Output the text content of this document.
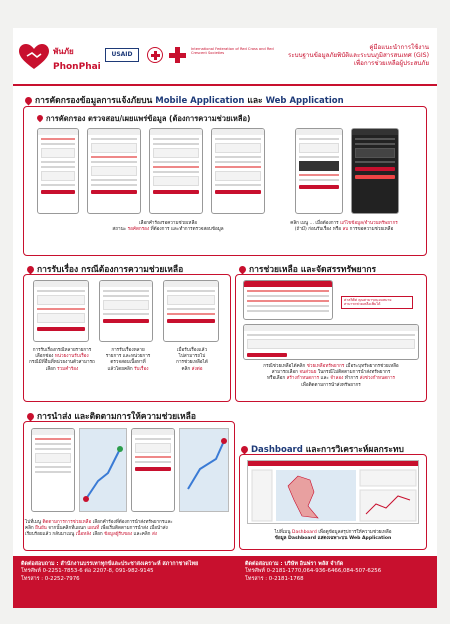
พันภัย
PhonPhai
USAID
International Federation of Red Cross and Red Crescent Societies
คู่มือแนะนำการใช้งาน
ระบบฐานข้อมูลภัยพิบัติและระบบภูมิสารสนเทศ (GIS)
เพื่อการช่วยเหลือผู้ประสบภัย
การคัดกรองข้อมูลการแจ้งภัยบน Mobile Application และ Web Application
การคัดกรอง ตรวจสอบ/เผยแพร่ข้อมูล (ต้องการความช่วยเหลือ)
เลือกคำร้องรอความช่วยเหลือ
สถานะ รอคัดกรอง ที่ต้องการ และทำการตรวจสอบข้อมูล
คลิก เมนู ... เมื่อต้องการ แก้ไขข้อมูล/จำนวนทรัพยากร
(ถ้ามี) ก่อนรับเรื่อง หรือ ลบ การขอความช่วยเหลือ
การรับเรื่อง กรณีต้องการความช่วยเหลือ
การรับเรื่องกรณีหลายรายการ
เลือกช่อง หน่วยงานรับเรื่อง
กรณีมีที่อื่นที่หน่วยงานตัวสามารถ
เลือก รวมคำร้อง
การรับเรื่องหลาย
รายการ และหน่วยการ
ตรวจสอบเนื้อหาที่
แล้วโดยคลิก รับเรื่อง
เมื่อรับเรื่องแล้ว
ไปสามารถไป
การช่วยเหลือได้
คลิก ส่งต่อ
การช่วยเหลือ และจัดสรรทรัพยากร
ค่าสถิติต่ คุณสามารถมอบหมาย
สามารถช่วยเหลือเพิ่มได้
กรณีช่วยเหลือได้คลิก ช่วยเหลือทรัพยากร เมื่อระบุทรัพยากรช่วยเหลือ
สามารถเลือก จนส่วนย ในกรณีไม่ติดตามการนำส่งทรัพยากร
หรือเลือก สร้างกำหนดการ และ จำลอง ทำการ ส่งช่วงกำหนดการ
เพื่อติดตามการนำส่งทรัพยากร
การนำส่ง และติดตามการให้ความช่วยเหลือ
ไปที่เมนู ติดตามการการช่วยเหลือ เลือกคำร้องที่ต้องการนำส่งทรัพยากรและ
คลิก ยืนยัน จากนั้นคลิกที่แผนก แผนที่ เพื่อเริ่มติดตามการนำส่ง เมื่อนำส่ง
เรียบร้อยแล้ว กลับมาเมนู เนื้อหลัง เลือก ข้อมูลผู้รับของ และคลิก ส่ง
Dashboard และการวิเคราะห์ผลกระทบ
ไปที่เมนู Dashboard เพื่อดูข้อมูลสรุปการให้ความช่วยเหลือ
ข้อมูล Dashboard แสดงเฉพาะบน Web Application
ติดต่อสอบถาม : สำนักงานบรรเทาทุกข์และประชาสงเคราะห์ สภากาชาดไทย
โทรศัพท์ 0-2251-7853-6 ต่อ 2207-8, 091-982-9145
โทรสาร : 0-2252-7976
ติดต่อสอบถาม : บริษัท อินฟรา พลัส จำกัด
โทรศัพท์ 0-2181-1770,064-936-6466,084-507-6256
โทรสาร : 0-2181-1768
